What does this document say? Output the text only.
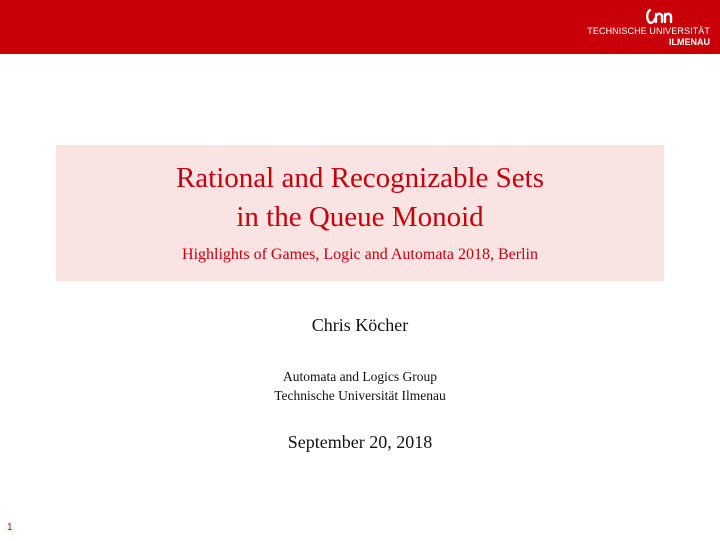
TECHNISCHE UNIVERSITÄT
ILMENAU
Rational and Recognizable Sets
in the Queue Monoid
Highlights of Games, Logic and Automata 2018, Berlin
Chris Köcher
Automata and Logics Group
Technische Universität Ilmenau
September 20, 2018
1
